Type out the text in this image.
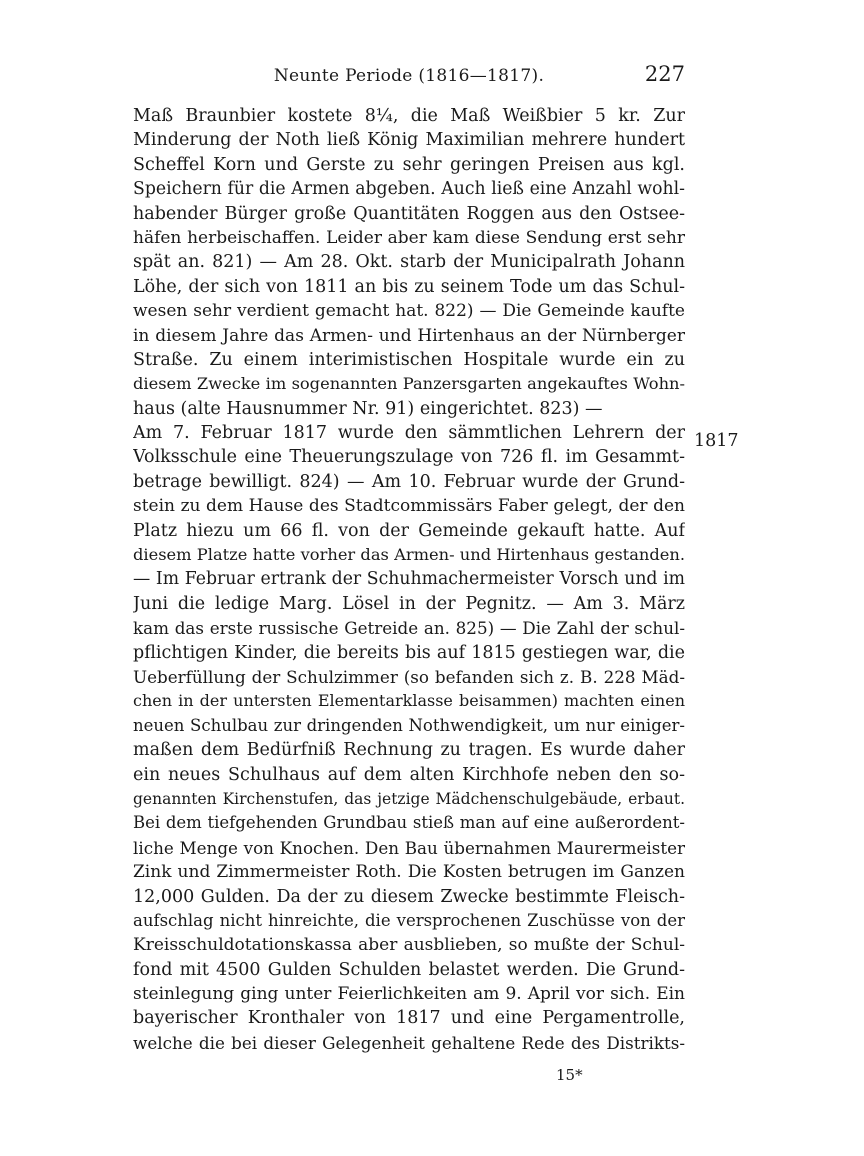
Neunte Periode (1816—1817).	227
Maß Braunbier kostete 8¼, die Maß Weißbier 5 kr. Zur
Minderung der Noth ließ König Maximilian mehrere hundert
Scheffel Korn und Gerste zu sehr geringen Preisen aus kgl.
Speichern für die Armen abgeben. Auch ließ eine Anzahl wohl-
habender Bürger große Quantitäten Roggen aus den Ostsee-
häfen herbeischaffen. Leider aber kam diese Sendung erst sehr
spät an. 821) — Am 28. Okt. starb der Municipalrath Johann
Löhe, der sich von 1811 an bis zu seinem Tode um das Schul-
wesen sehr verdient gemacht hat. 822) — Die Gemeinde kaufte
in diesem Jahre das Armen- und Hirtenhaus an der Nürnberger
Straße. Zu einem interimistischen Hospitale wurde ein zu
diesem Zwecke im sogenannten Panzersgarten angekauftes Wohn-
haus (alte Hausnummer Nr. 91) eingerichtet. 823) —
Am 7. Februar 1817 wurde den sämmtlichen Lehrern der
Volksschule eine Theuerungszulage von 726 fl. im Gesammt-
betrage bewilligt. 824) — Am 10. Februar wurde der Grund-
stein zu dem Hause des Stadtcommissärs Faber gelegt, der den
Platz hiezu um 66 fl. von der Gemeinde gekauft hatte. Auf
diesem Platze hatte vorher das Armen- und Hirtenhaus gestanden.
— Im Februar ertrank der Schuhmachermeister Vorsch und im
Juni die ledige Marg. Lösel in der Pegnitz. — Am 3. März
kam das erste russische Getreide an. 825) — Die Zahl der schul-
pflichtigen Kinder, die bereits bis auf 1815 gestiegen war, die
Ueberfüllung der Schulzimmer (so befanden sich z. B. 228 Mäd-
chen in der untersten Elementarklasse beisammen) machten einen
neuen Schulbau zur dringenden Nothwendigkeit, um nur einiger-
maßen dem Bedürfniß Rechnung zu tragen. Es wurde daher
ein neues Schulhaus auf dem alten Kirchhofe neben den so-
genannten Kirchenstufen, das jetzige Mädchenschulgebäude, erbaut.
Bei dem tiefgehenden Grundbau stieß man auf eine außerordent-
liche Menge von Knochen. Den Bau übernahmen Maurermeister
Zink und Zimmermeister Roth. Die Kosten betrugen im Ganzen
12,000 Gulden. Da der zu diesem Zwecke bestimmte Fleisch-
aufschlag nicht hinreichte, die versprochenen Zuschüsse von der
Kreisschuldotationskassa aber ausblieben, so mußte der Schul-
fond mit 4500 Gulden Schulden belastet werden. Die Grund-
steinlegung ging unter Feierlichkeiten am 9. April vor sich. Ein
bayerischer Kronthaler von 1817 und eine Pergamentrolle,
welche die bei dieser Gelegenheit gehaltene Rede des Distrikts-
1817
15*
